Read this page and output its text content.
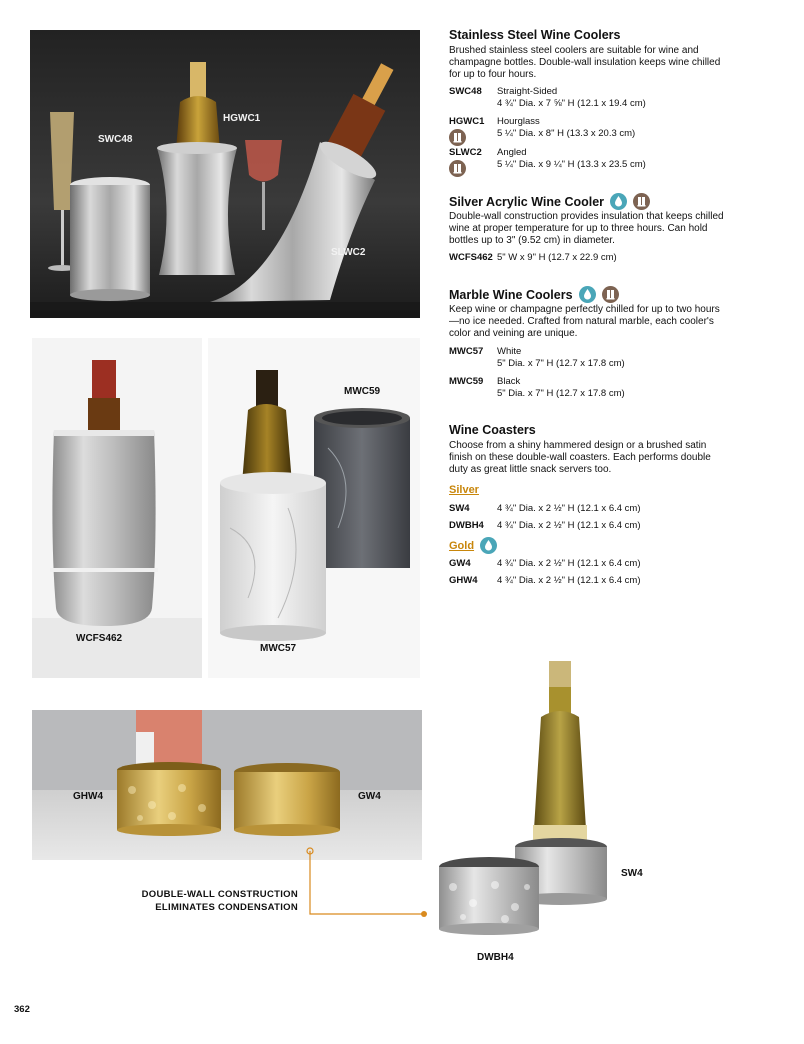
SWC48
HGWC1
SLWC2
WCFS462
MWC59
MWC57
GHW4	GW4
SW4
DWBH4
DOUBLE-WALL CONSTRUCTION
ELIMINATES CONDENSATION
Stainless Steel Wine Coolers
Brushed stainless steel coolers are suitable for wine and champagne bottles. Double-wall insulation keeps wine chilled for up to four hours.
SWC48	Straight-Sided
4 ¾" Dia. x 7 ⅝" H (12.1 x 19.4 cm)
HGWC1	Hourglass
5 ¼" Dia. x 8" H (13.3 x 20.3 cm)
SLWC2	Angled
5 ¼" Dia. x 9 ¼" H (13.3 x 23.5 cm)
Silver Acrylic Wine Cooler
Double-wall construction provides insulation that keeps chilled wine at proper temperature for up to three hours. Can hold bottles up to 3" (9.52 cm) in diameter.
WCFS462 5" W x 9" H (12.7 x 22.9 cm)
Marble Wine Coolers
Keep wine or champagne perfectly chilled for up to two hours—no ice needed. Crafted from natural marble, each cooler's color and veining are unique.
MWC57	White
5" Dia. x 7" H (12.7 x 17.8 cm)
MWC59	Black
5" Dia. x 7" H (12.7 x 17.8 cm)
Wine Coasters
Choose from a shiny hammered design or a brushed satin finish on these double-wall coasters. Each performs double duty as great little snack servers too.
Silver
SW4	4 ¾" Dia. x 2 ½" H (12.1 x 6.4 cm)
DWBH4	4 ¾" Dia. x 2 ½" H (12.1 x 6.4 cm)
Gold
GW4	4 ¾" Dia. x 2 ½" H (12.1 x 6.4 cm)
GHW4	4 ¾" Dia. x 2 ½" H (12.1 x 6.4 cm)
362
